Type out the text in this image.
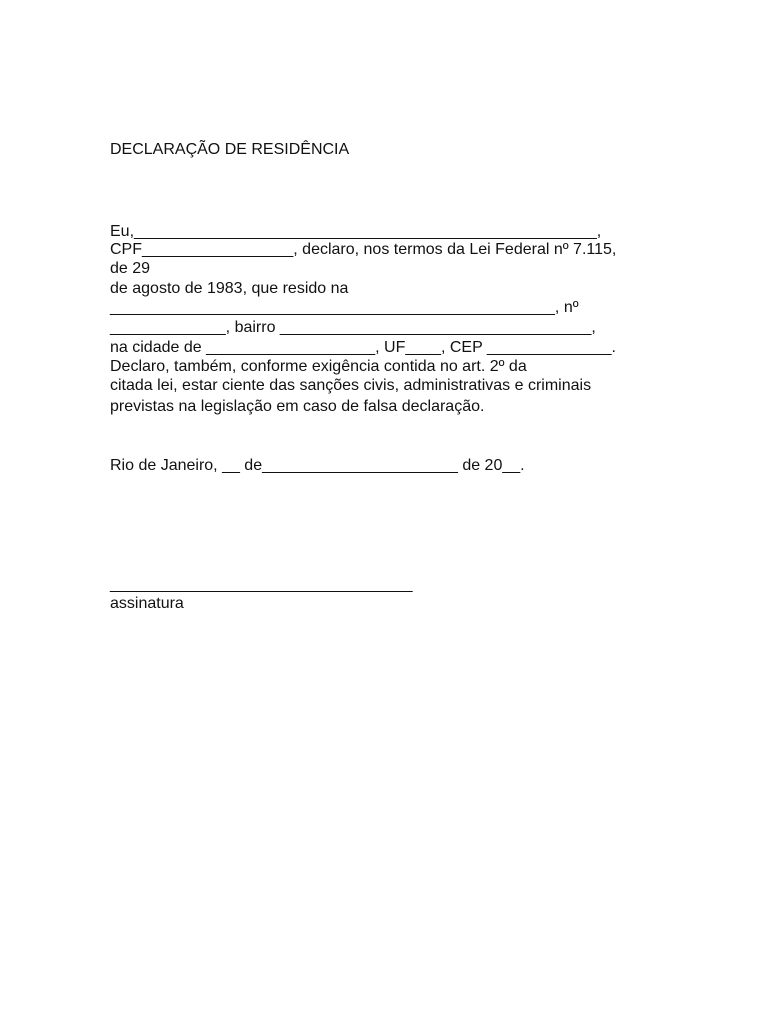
DECLARAÇÃO DE RESIDÊNCIA

Eu,____________________________________________________,

CPF_________________, declaro, nos termos da Lei Federal nº 7.115,

de 29

de agosto de 1983, que resido na

__________________________________________________, nº

_____________, bairro ___________________________________,

na cidade de ___________________, UF____, CEP ______________.

Declaro, também, conforme exigência contida no art. 2º da

citada lei, estar ciente das sanções civis, administrativas e criminais

previstas na legislação em caso de falsa declaração.

Rio de Janeiro, __ de______________________ de 20__.

__________________________________

assinatura
